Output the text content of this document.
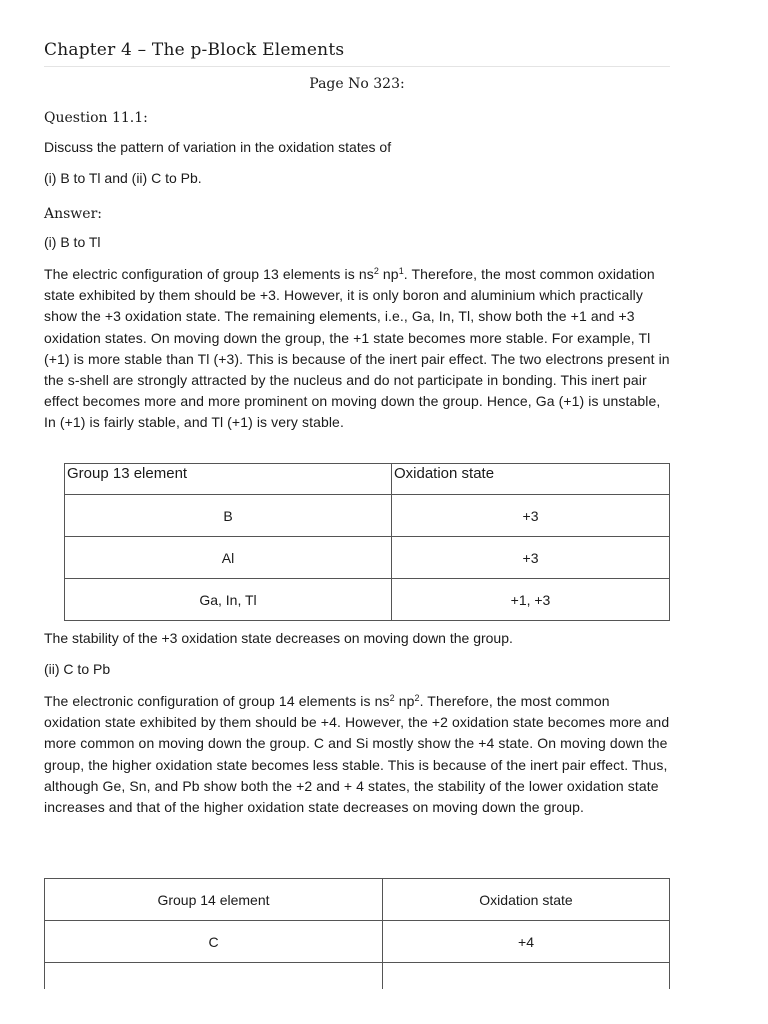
Chapter 4 – The p-Block Elements
Page No 323:
Question 11.1:
Discuss the pattern of variation in the oxidation states of
(i) B to Tl and (ii) C to Pb.
Answer:
(i) B to Tl
The electric configuration of group 13 elements is $ns^2$ $np^1$. Therefore, the most common oxidation state exhibited by them should be +3. However, it is only boron and aluminium which practically show the +3 oxidation state. The remaining elements, i.e., Ga, In, Tl, show both the +1 and +3 oxidation states. On moving down the group, the +1 state becomes more stable. For example, Tl (+1) is more stable than Tl (+3). This is because of the inert pair effect. The two electrons present in the s-shell are strongly attracted by the nucleus and do not participate in bonding. This inert pair effect becomes more and more prominent on moving down the group. Hence, Ga (+1) is unstable, In (+1) is fairly stable, and Tl (+1) is very stable.
Group 13 element	Oxidation state
B	+3
Al	+3
Ga, In, Tl	+1, +3
The stability of the +3 oxidation state decreases on moving down the group.
(ii) C to Pb
The electronic configuration of group 14 elements is $ns^2$ $np^2$. Therefore, the most common oxidation state exhibited by them should be +4. However, the +2 oxidation state becomes more and more common on moving down the group. C and Si mostly show the +4 state. On moving down the group, the higher oxidation state becomes less stable. This is because of the inert pair effect. Thus, although Ge, Sn, and Pb show both the +2 and + 4 states, the stability of the lower oxidation state increases and that of the higher oxidation state decreases on moving down the group.
Group 14 element	Oxidation state
C	+4
